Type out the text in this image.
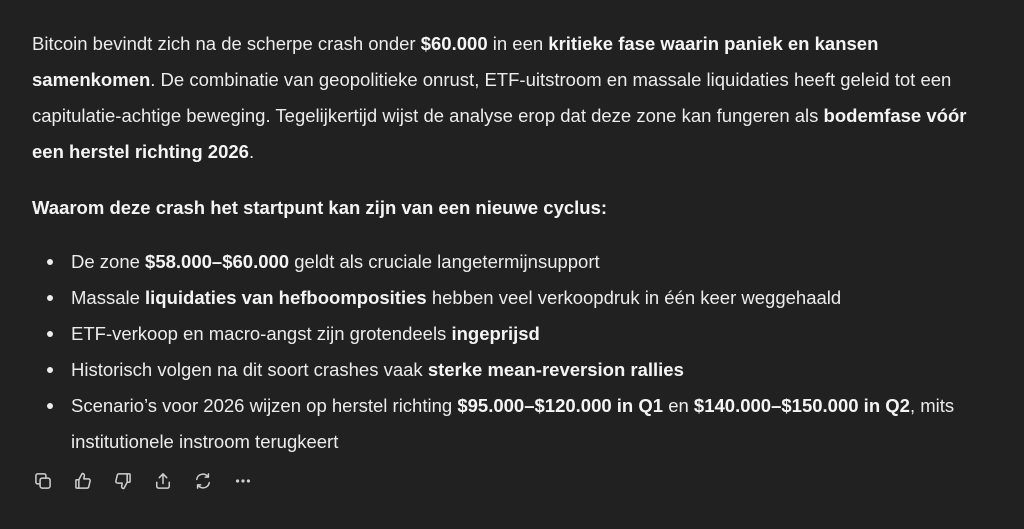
Bitcoin bevindt zich na de scherpe crash onder $60.000 in een kritieke fase waarin paniek en kansen samenkomen. De combinatie van geopolitieke onrust, ETF-uitstroom en massale liquidaties heeft geleid tot een capitulatie-achtige beweging. Tegelijkertijd wijst de analyse erop dat deze zone kan fungeren als bodemfase vóór een herstel richting 2026.

Waarom deze crash het startpunt kan zijn van een nieuwe cyclus:

De zone $58.000–$60.000 geldt als cruciale langetermijnsupport
Massale liquidaties van hefboomposities hebben veel verkoopdruk in één keer weggehaald
ETF-verkoop en macro-angst zijn grotendeels ingeprijsd
Historisch volgen na dit soort crashes vaak sterke mean-reversion rallies
Scenario’s voor 2026 wijzen op herstel richting $95.000–$120.000 in Q1 en $140.000–$150.000 in Q2, mits institutionele instroom terugkeert
